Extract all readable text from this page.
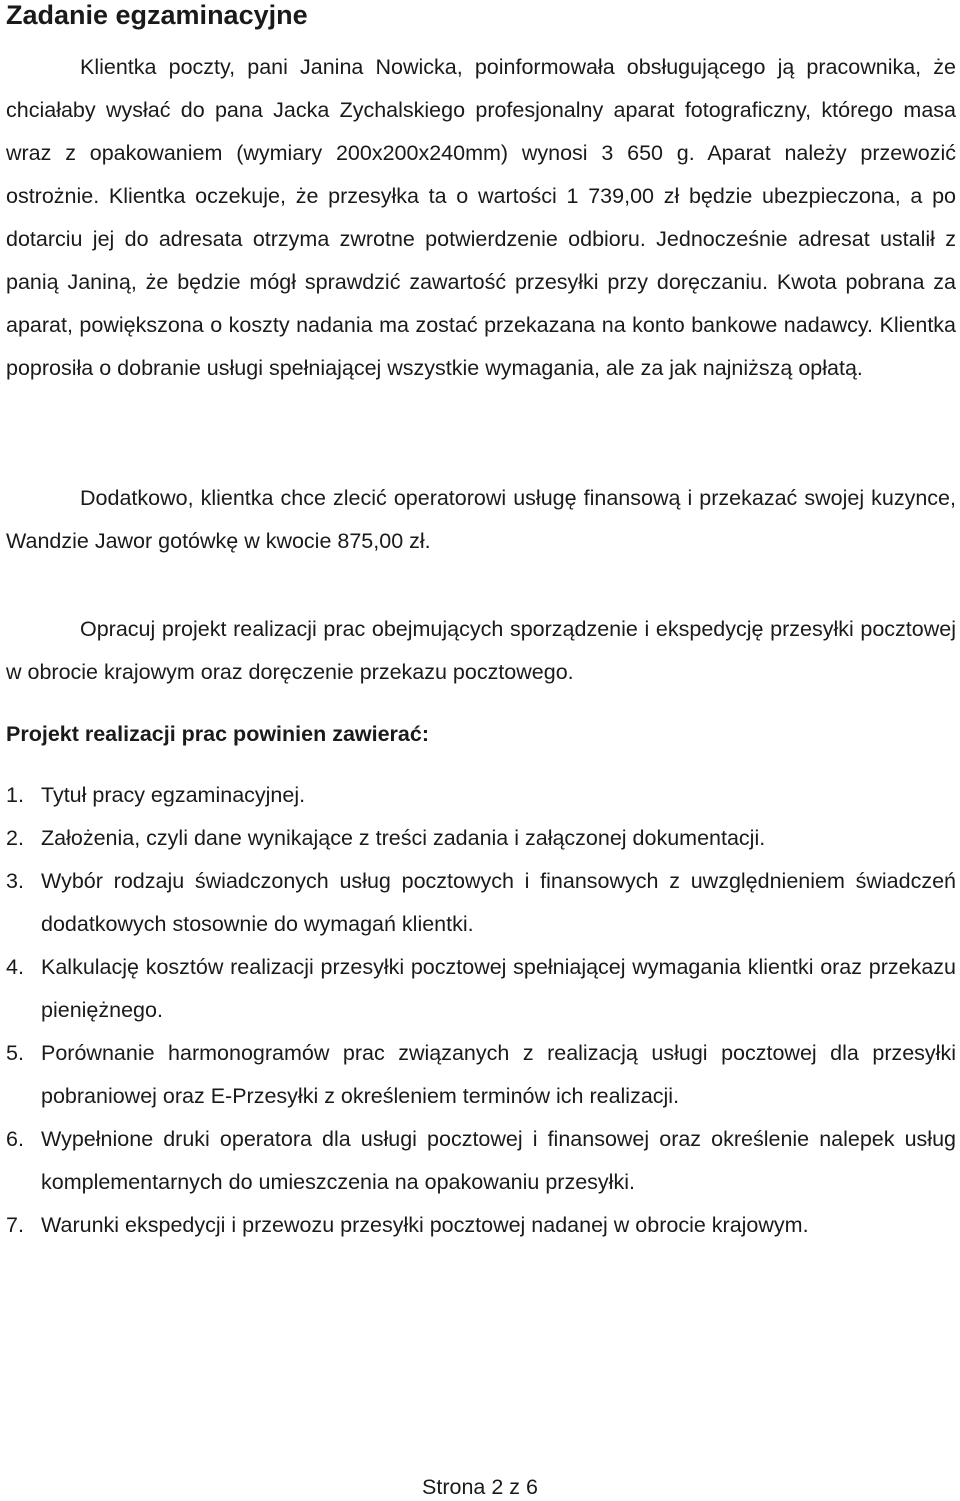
Zadanie egzaminacyjne

Klientka poczty, pani Janina Nowicka, poinformowała obsługującego ją pracownika, że chciałaby wysłać do pana Jacka Zychalskiego profesjonalny aparat fotograficzny, którego masa wraz z opakowaniem (wymiary 200x200x240mm) wynosi 3 650 g. Aparat należy przewozić ostrożnie. Klientka oczekuje, że przesyłka ta o wartości 1 739,00 zł będzie ubezpieczona, a po dotarciu jej do adresata otrzyma zwrotne potwierdzenie odbioru. Jednocześnie adresat ustalił z panią Janiną, że będzie mógł sprawdzić zawartość przesyłki przy doręczaniu. Kwota pobrana za aparat, powiększona o koszty nadania ma zostać przekazana na konto bankowe nadawcy. Klientka poprosiła o dobranie usługi spełniającej wszystkie wymagania, ale za jak najniższą opłatą.

Dodatkowo, klientka chce zlecić operatorowi usługę finansową i przekazać swojej kuzynce, Wandzie Jawor gotówkę w kwocie 875,00 zł.

Opracuj projekt realizacji prac obejmujących sporządzenie i ekspedycję przesyłki pocztowej w obrocie krajowym oraz doręczenie przekazu pocztowego.

Projekt realizacji prac powinien zawierać:

1. Tytuł pracy egzaminacyjnej.
2. Założenia, czyli dane wynikające z treści zadania i załączonej dokumentacji.
3. Wybór rodzaju świadczonych usług pocztowych i finansowych z uwzględnieniem świadczeń dodatkowych stosownie do wymagań klientki.
4. Kalkulację kosztów realizacji przesyłki pocztowej spełniającej wymagania klientki oraz przekazu pieniężnego.
5. Porównanie harmonogramów prac związanych z realizacją usługi pocztowej dla przesyłki pobraniowej oraz E-Przesyłki z określeniem terminów ich realizacji.
6. Wypełnione druki operatora dla usługi pocztowej i finansowej oraz określenie nalepek usług komplementarnych do umieszczenia na opakowaniu przesyłki.
7. Warunki ekspedycji i przewozu przesyłki pocztowej nadanej w obrocie krajowym.
Strona 2 z 6
